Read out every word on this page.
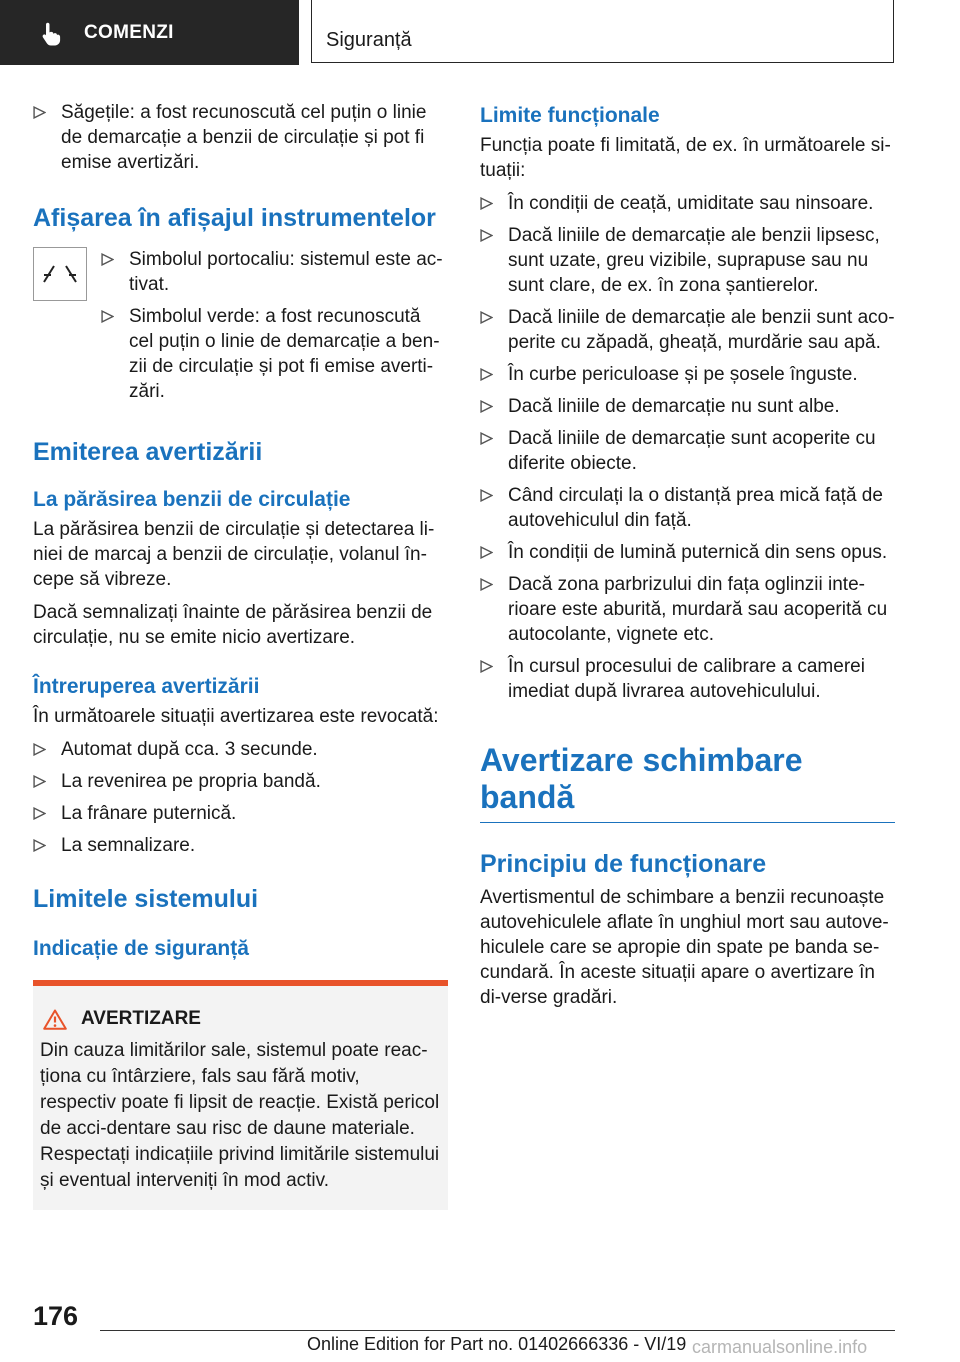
COMENZI	Siguranță
Săgețile: a fost recunoscută cel puțin o linie de demarcație a benzii de circulație și pot fi emise avertizări.
Afișarea în afișajul instrumentelor
Simbolul portocaliu: sistemul este ac-tivat.
Simbolul verde: a fost recunoscută cel puțin o linie de demarcație a ben-zii de circulație și pot fi emise averti-zări.
Emiterea avertizării
La părăsirea benzii de circulație

La părăsirea benzii de circulație și detectarea li-niei de marcaj a benzii de circulație, volanul în-cepe să vibreze.

Dacă semnalizați înainte de părăsirea benzii de circulație, nu se emite nicio avertizare.

Întreruperea avertizării

În următoarele situații avertizarea este revocată:

Automat după cca. 3 secunde.
La revenirea pe propria bandă.
La frânare puternică.
La semnalizare.
Limitele sistemului
Indicație de siguranță
AVERTIZARE
Din cauza limitărilor sale, sistemul poate reac-ționa cu întârziere, fals sau fără motiv, respectiv poate fi lipsit de reacție. Există pericol de acci-dentare sau risc de daune materiale. Respectați indicațiile privind limitările sistemului și eventual interveniți în mod activ.
Limite funcționale

Funcția poate fi limitată, de ex. în următoarele si-tuații:

În condiții de ceață, umiditate sau ninsoare.
Dacă liniile de demarcație ale benzii lipsesc, sunt uzate, greu vizibile, suprapuse sau nu sunt clare, de ex. în zona șantierelor.
Dacă liniile de demarcație ale benzii sunt aco-perite cu zăpadă, gheață, murdărie sau apă.
În curbe periculoase și pe șosele înguste.
Dacă liniile de demarcație nu sunt albe.
Dacă liniile de demarcație sunt acoperite cu diferite obiecte.
Când circulați la o distanță prea mică față de autovehiculul din față.
În condiții de lumină puternică din sens opus.
Dacă zona parbrizului din fața oglinzii inte-rioare este aburită, murdară sau acoperită cu autocolante, vignete etc.
În cursul procesului de calibrare a camerei imediat după livrarea autovehiculului.
Avertizare schimbare bandă
Principiu de funcționare

Avertismentul de schimbare a benzii recunoaște autovehiculele aflate în unghiul mort sau autove-hiculele care se apropie din spate pe banda se-cundară. În aceste situații apare o avertizare în di-verse gradări.

176
Online Edition for Part no. 01402666336 - VI/19 carmanualsonline.info
